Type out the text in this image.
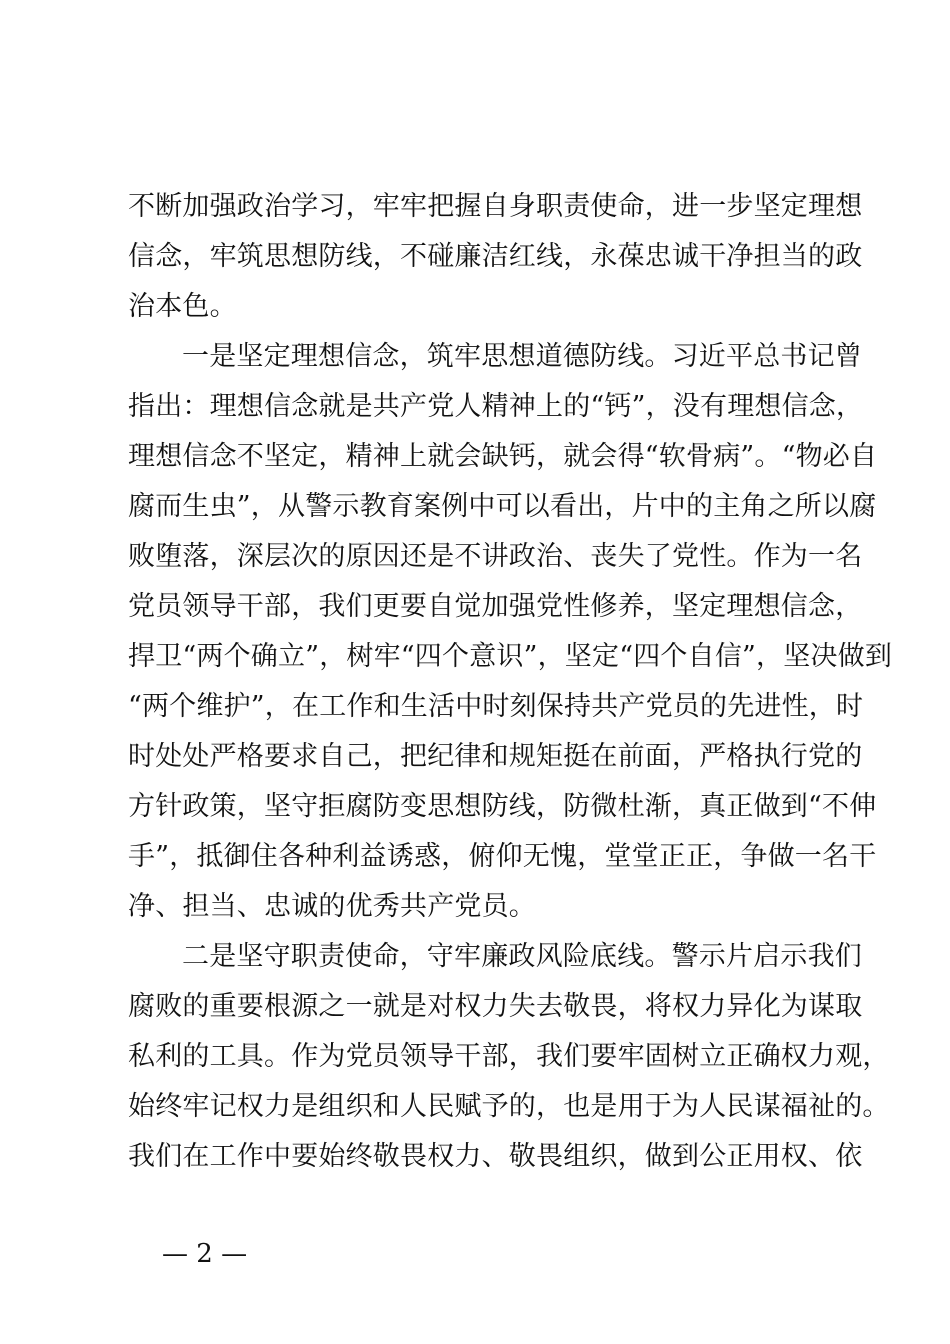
不断加强政治学习，牢牢把握自身职责使命，进一步坚定理想
信念，牢筑思想防线，不碰廉洁红线，永葆忠诚干净担当的政
治本色。
一是坚定理想信念，筑牢思想道德防线。习近平总书记曾
指出：理想信念就是共产党人精神上的“钙”，没有理想信念，
理想信念不坚定，精神上就会缺钙，就会得“软骨病”。“物必自
腐而生虫”，从警示教育案例中可以看出，片中的主角之所以腐
败堕落，深层次的原因还是不讲政治、丧失了党性。作为一名
党员领导干部，我们更要自觉加强党性修养，坚定理想信念，
捍卫“两个确立”，树牢“四个意识”，坚定“四个自信”，坚决做到
“两个维护”，在工作和生活中时刻保持共产党员的先进性，时
时处处严格要求自己，把纪律和规矩挺在前面，严格执行党的
方针政策，坚守拒腐防变思想防线，防微杜渐，真正做到“不伸
手”，抵御住各种利益诱惑，俯仰无愧，堂堂正正，争做一名干
净、担当、忠诚的优秀共产党员。
二是坚守职责使命，守牢廉政风险底线。警示片启示我们
腐败的重要根源之一就是对权力失去敬畏，将权力异化为谋取
私利的工具。作为党员领导干部，我们要牢固树立正确权力观，
始终牢记权力是组织和人民赋予的，也是用于为人民谋福祉的。
我们在工作中要始终敬畏权力、敬畏组织，做到公正用权、依
— 2 —
